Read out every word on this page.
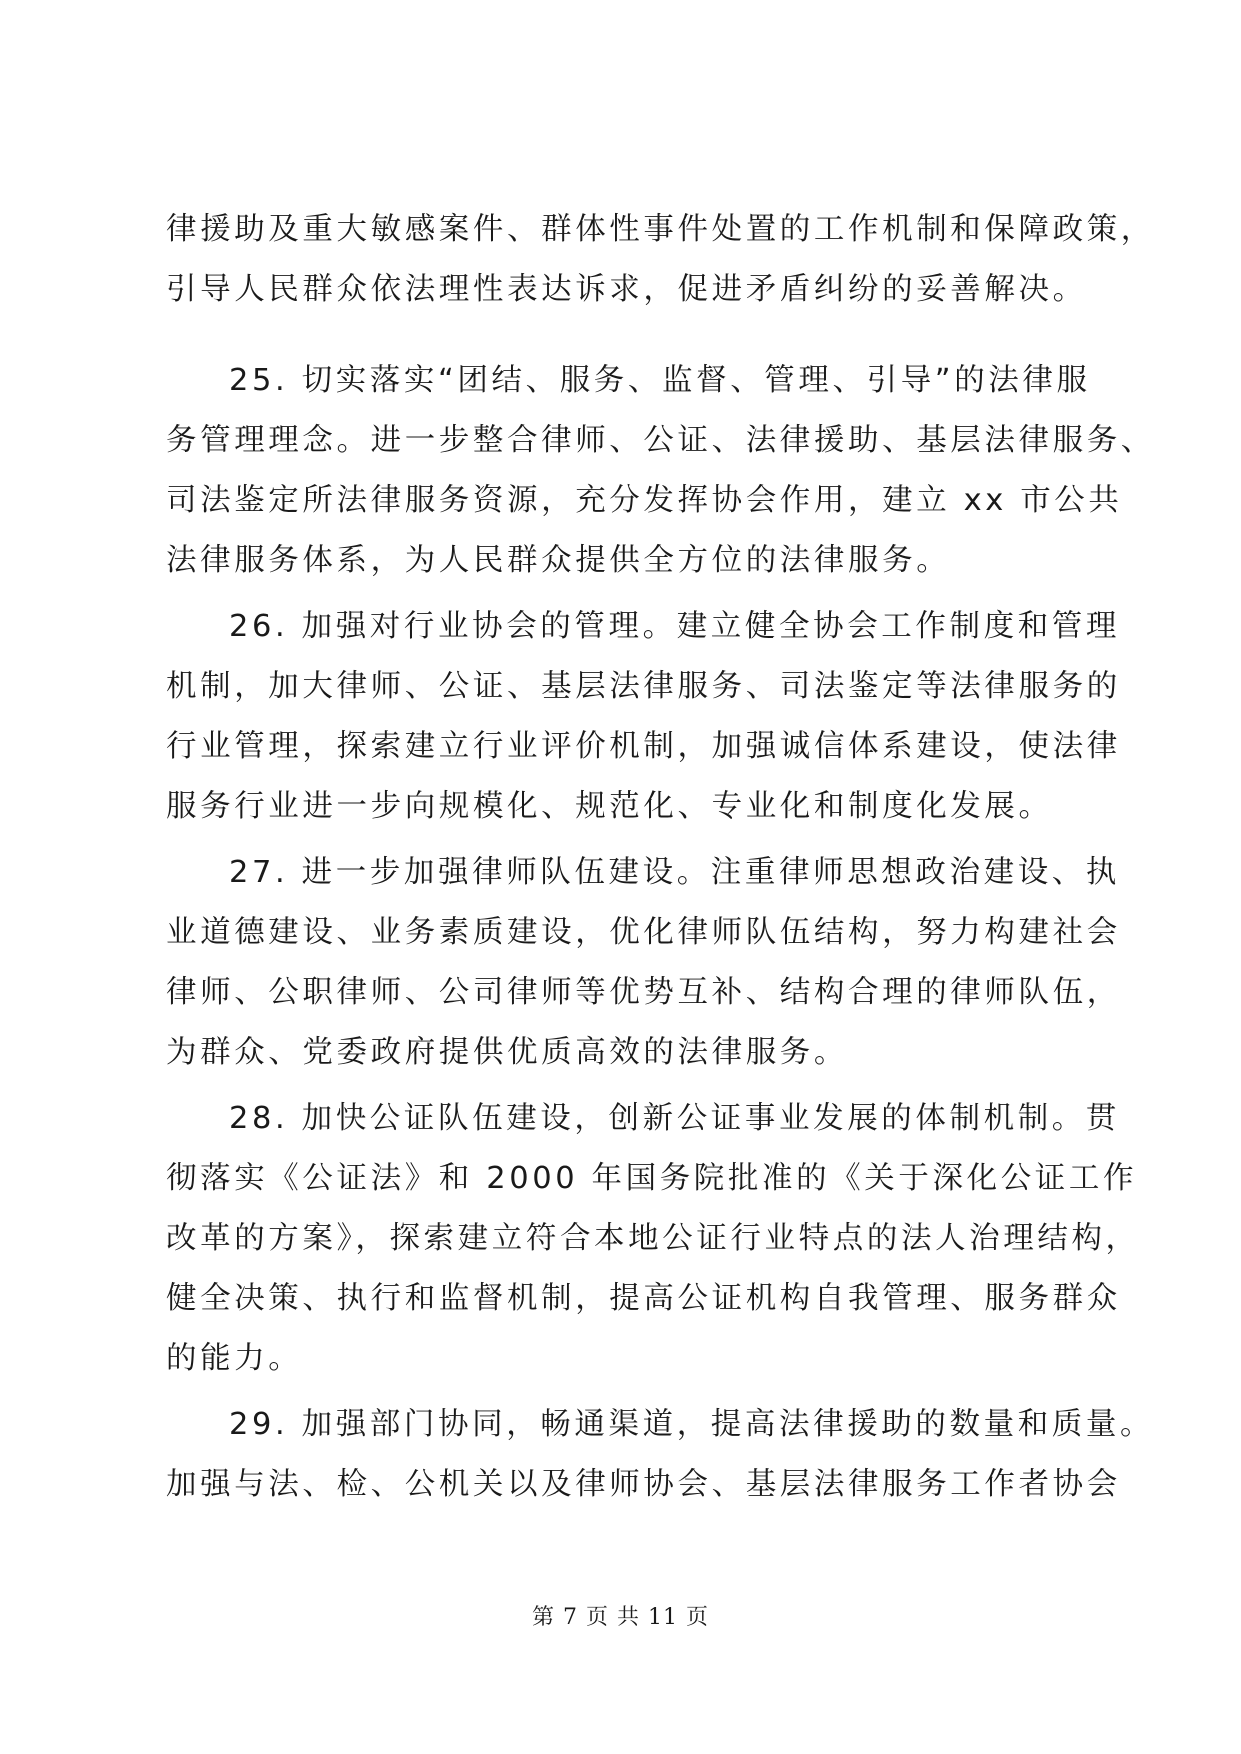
律援助及重大敏感案件、群体性事件处置的工作机制和保障政策，
引导人民群众依法理性表达诉求，促进矛盾纠纷的妥善解决。
25. 切实落实“团结、服务、监督、管理、引导”的法律服
务管理理念。进一步整合律师、公证、法律援助、基层法律服务、
司法鉴定所法律服务资源，充分发挥协会作用，建立 xx 市公共
法律服务体系，为人民群众提供全方位的法律服务。
26. 加强对行业协会的管理。建立健全协会工作制度和管理
机制，加大律师、公证、基层法律服务、司法鉴定等法律服务的
行业管理，探索建立行业评价机制，加强诚信体系建设，使法律
服务行业进一步向规模化、规范化、专业化和制度化发展。
27. 进一步加强律师队伍建设。注重律师思想政治建设、执
业道德建设、业务素质建设，优化律师队伍结构，努力构建社会
律师、公职律师、公司律师等优势互补、结构合理的律师队伍，
为群众、党委政府提供优质高效的法律服务。
28. 加快公证队伍建设，创新公证事业发展的体制机制。贯
彻落实《公证法》和 2000 年国务院批准的《关于深化公证工作
改革的方案》，探索建立符合本地公证行业特点的法人治理结构，
健全决策、执行和监督机制，提高公证机构自我管理、服务群众
的能力。
29. 加强部门协同，畅通渠道，提高法律援助的数量和质量。
加强与法、检、公机关以及律师协会、基层法律服务工作者协会
第 7 页 共 11 页
